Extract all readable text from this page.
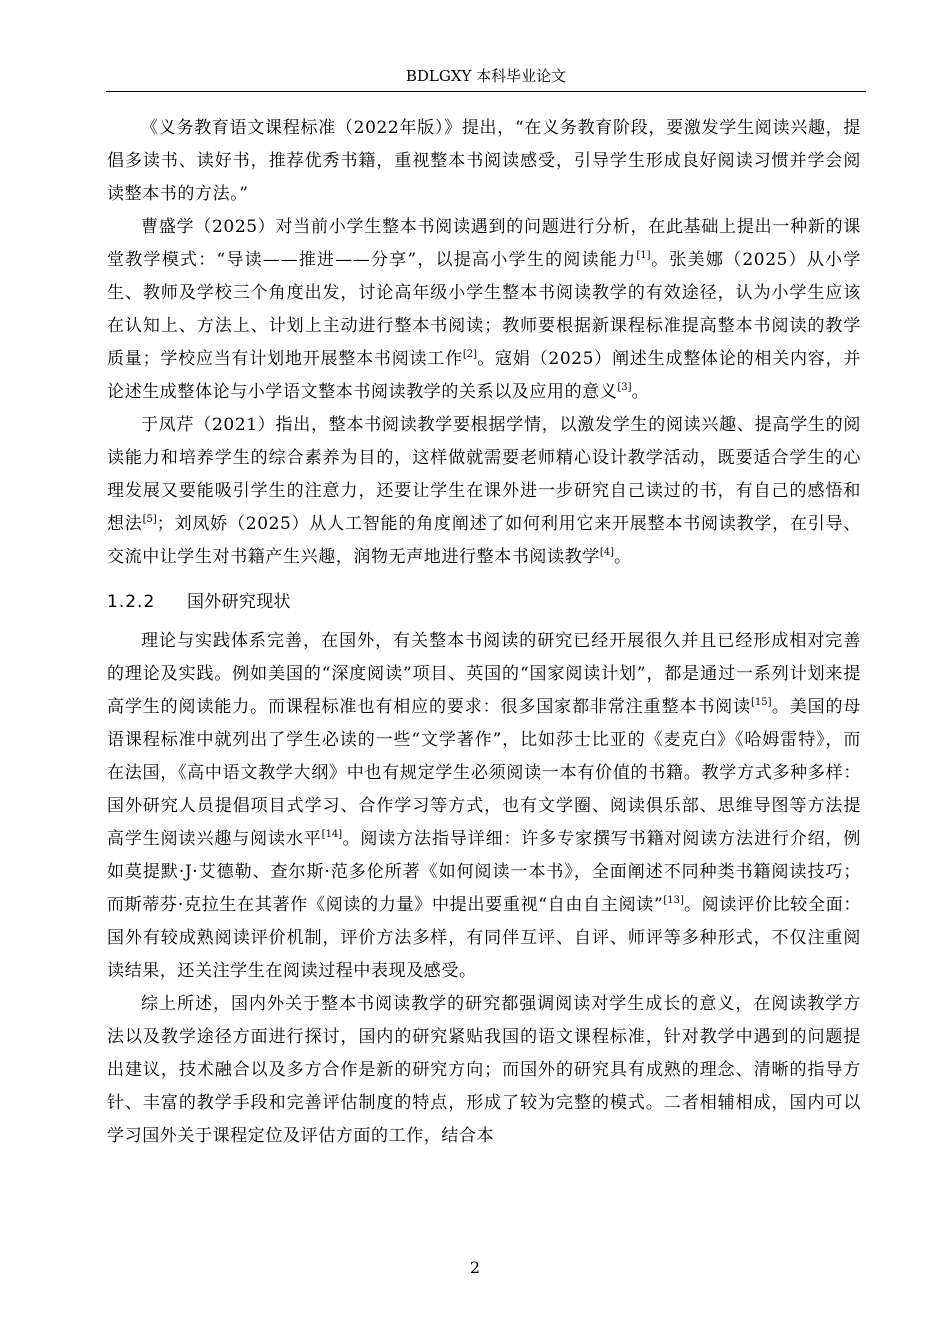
BDLGXY 本科毕业论文

《义务教育语文课程标准（2022年版）》提出，“在义务教育阶段，要激发学生阅读兴趣，提倡多读书、读好书，推荐优秀书籍，重视整本书阅读感受，引导学生形成良好阅读习惯并学会阅读整本书的方法。”

曹盛学（2025）对当前小学生整本书阅读遇到的问题进行分析，在此基础上提出一种新的课堂教学模式：“导读——推进——分享”，以提高小学生的阅读能力[1]。张美娜（2025）从小学生、教师及学校三个角度出发，讨论高年级小学生整本书阅读教学的有效途径，认为小学生应该在认知上、方法上、计划上主动进行整本书阅读；教师要根据新课程标准提高整本书阅读的教学质量；学校应当有计划地开展整本书阅读工作[2]。寇娟（2025）阐述生成整体论的相关内容，并论述生成整体论与小学语文整本书阅读教学的关系以及应用的意义[3]。

于凤芹（2021）指出，整本书阅读教学要根据学情，以激发学生的阅读兴趣、提高学生的阅读能力和培养学生的综合素养为目的，这样做就需要老师精心设计教学活动，既要适合学生的心理发展又要能吸引学生的注意力，还要让学生在课外进一步研究自己读过的书，有自己的感悟和想法[5]；刘凤娇（2025）从人工智能的角度阐述了如何利用它来开展整本书阅读教学，在引导、交流中让学生对书籍产生兴趣，润物无声地进行整本书阅读教学[4]。

1.2.2 国外研究现状

理论与实践体系完善，在国外，有关整本书阅读的研究已经开展很久并且已经形成相对完善的理论及实践。例如美国的“深度阅读”项目、英国的“国家阅读计划”，都是通过一系列计划来提高学生的阅读能力。而课程标准也有相应的要求：很多国家都非常注重整本书阅读[15]。美国的母语课程标准中就列出了学生必读的一些“文学著作”，比如莎士比亚的《麦克白》《哈姆雷特》，而在法国，《高中语文教学大纲》中也有规定学生必须阅读一本有价值的书籍。教学方式多种多样：国外研究人员提倡项目式学习、合作学习等方式，也有文学圈、阅读俱乐部、思维导图等方法提高学生阅读兴趣与阅读水平[14]。阅读方法指导详细：许多专家撰写书籍对阅读方法进行介绍，例如莫提默·J·艾德勒、查尔斯·范多伦所著《如何阅读一本书》，全面阐述不同种类书籍阅读技巧；而斯蒂芬·克拉生在其著作《阅读的力量》中提出要重视“自由自主阅读”[13]。阅读评价比较全面：国外有较成熟阅读评价机制，评价方法多样，有同伴互评、自评、师评等多种形式，不仅注重阅读结果，还关注学生在阅读过程中表现及感受。

综上所述，国内外关于整本书阅读教学的研究都强调阅读对学生成长的意义，在阅读教学方法以及教学途径方面进行探讨，国内的研究紧贴我国的语文课程标准，针对教学中遇到的问题提出建议，技术融合以及多方合作是新的研究方向；而国外的研究具有成熟的理念、清晰的指导方针、丰富的教学手段和完善评估制度的特点，形成了较为完整的模式。二者相辅相成，国内可以学习国外关于课程定位及评估方面的工作，结合本

2
